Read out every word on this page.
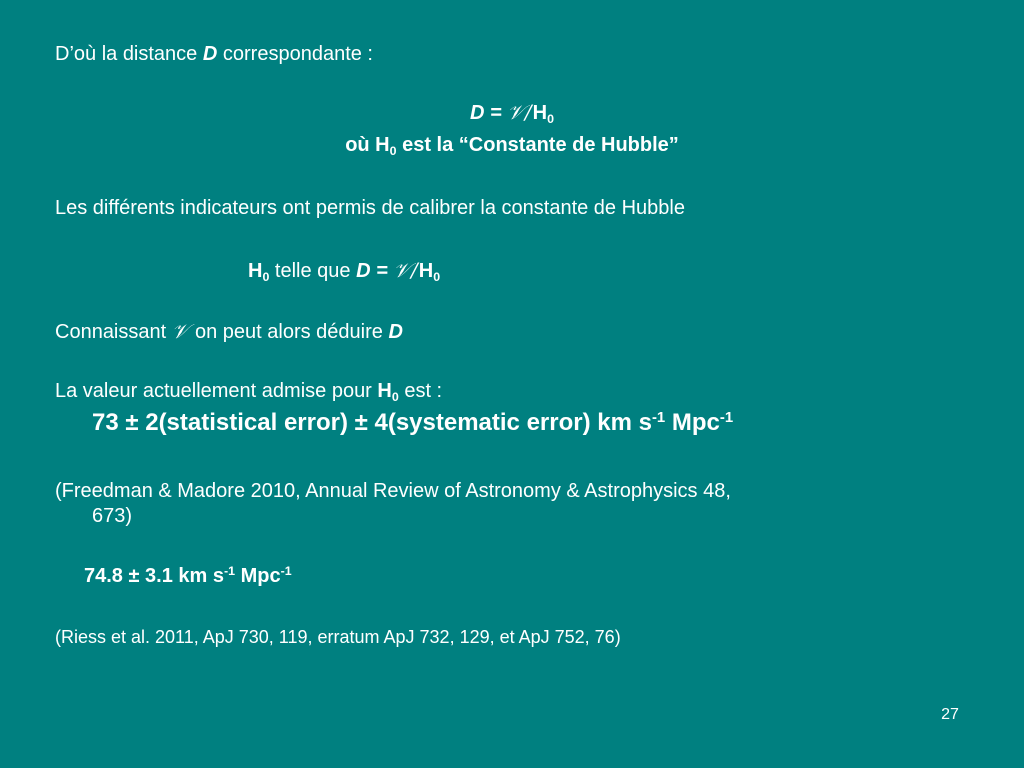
D’où la distance D correspondante :
$D = 𝒱/H_0$
où $H_0$ est la “Constante de Hubble”
Les différents indicateurs ont permis de calibrer la constante de Hubble
$H_0$ telle que $D = 𝒱/H_0$
Connaissant 𝒱 on peut alors déduire D
La valeur actuellement admise pour $H_0$ est :
73 ± 2(statistical error) ± 4(systematic error) km $s^{-1}$ Mpc$^{-1}$
(Freedman & Madore 2010, Annual Review of Astronomy & Astrophysics 48,
673)
74.8 ± 3.1 km $s^{-1}$ Mpc$^{-1}$
(Riess et al. 2011, ApJ 730, 119, erratum ApJ 732, 129, et ApJ 752, 76)
27
